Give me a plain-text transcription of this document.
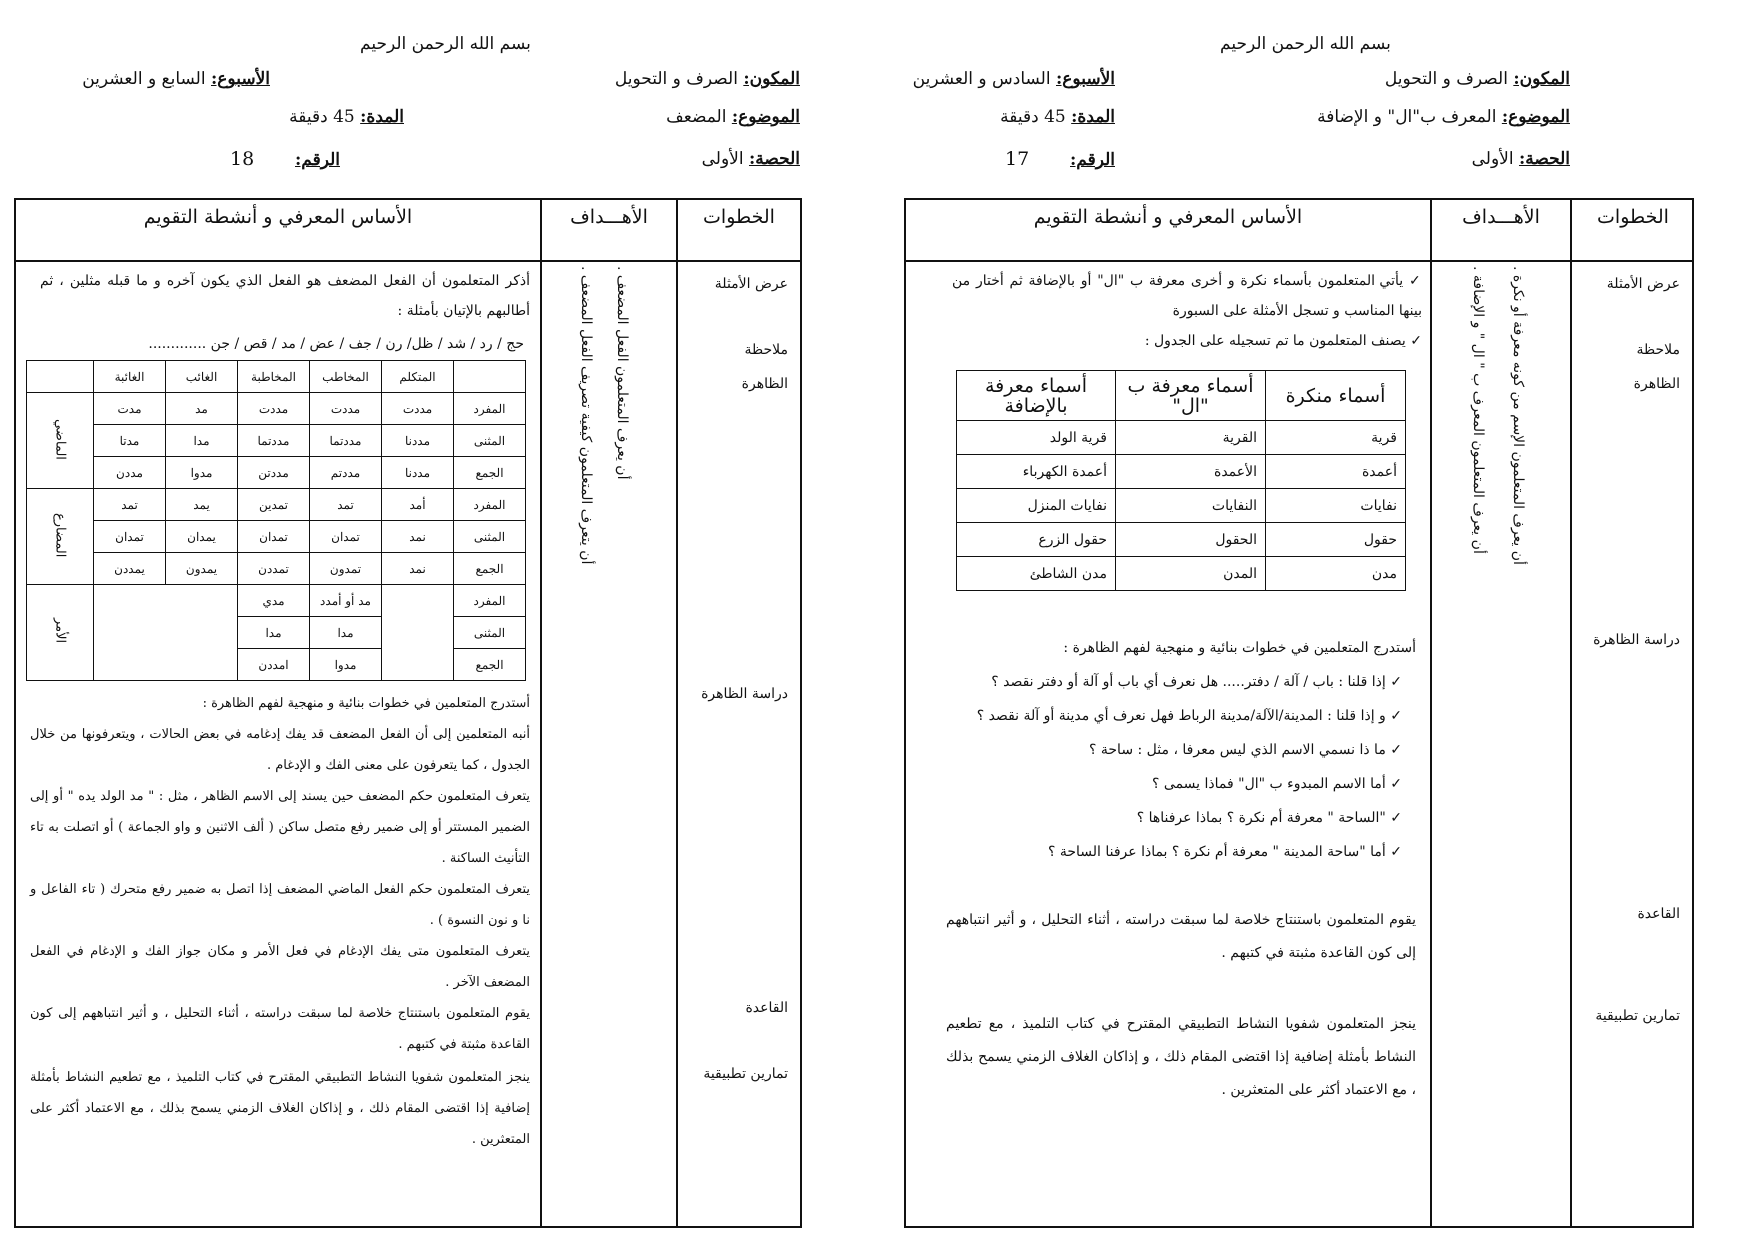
بسم الله الرحمن الرحيم
المكون: الصرف و التحويل
الأسبوع: السادس و العشرين
الموضوع: المعرف ب"ال" و الإضافة
المدة: 45 دقيقة
الحصة: الأولى
الرقم:  17
الخطوات
الأهـــداف
الأساس المعرفي و أنشطة التقويم
عرض الأمثلة
ملاحظة
الظاهرة
دراسة الظاهرة
القاعدة
تمارين تطبيقية
أن يعرف المتعلمون الإسم من كونه معرفة أو نكرة .
أن يعرف المتعلمون المعرف ب " ال " و الإضافة .

✓ يأتي المتعلمون بأسماء نكرة و أخرى معرفة ب "ال" أو بالإضافة ثم أختار من بينها المناسب و تسجل الأمثلة على السبورة

✓ يصنف المتعلمون ما تم تسجيله على الجدول :

أسماء منكرة	أسماء معرفة ب "ال"	أسماء معرفة بالإضافة
قرية	القرية	قرية الولد
أعمدة	الأعمدة	أعمدة الكهرباء
نفايات	النفايات	نفايات المنزل
حقول	الحقول	حقول الزرع
مدن	المدن	مدن الشاطئ
أستدرج المتعلمين في خطوات بنائية و منهجية لفهم الظاهرة :
✓ إذا قلنا : باب / آلة / دفتر..... هل نعرف أي باب أو آلة أو دفتر نقصد ؟
✓ و إذا قلنا : المدينة/الآلة/مدينة الرباط فهل نعرف أي مدينة أو آلة نقصد ؟
✓ ما ذا نسمي الاسم الذي ليس معرفا ، مثل : ساحة ؟
✓ أما الاسم المبدوء ب "ال" فماذا يسمى ؟
✓ "الساحة " معرفة أم نكرة ؟ بماذا عرفناها ؟
✓ أما "ساحة المدينة " معرفة أم نكرة ؟ بماذا عرفنا الساحة ؟
يقوم المتعلمون باستنتاج خلاصة لما سبقت دراسته ، أثناء التحليل ، و أثير انتباههم إلى كون القاعدة مثبتة في كتبهم .
ينجز المتعلمون شفويا النشاط التطبيقي المقترح في كتاب التلميذ ، مع تطعيم النشاط بأمثلة إضافية إذا اقتضى المقام ذلك ، و إذاكان الغلاف الزمني يسمح بذلك ، مع الاعتماد أكثر على المتعثرين .
بسم الله الرحمن الرحيم
المكون: الصرف و التحويل
الأسبوع: السابع و العشرين
الموضوع: المضعف
المدة: 45 دقيقة
الحصة: الأولى
الرقم:  18
الخطوات
الأهـــداف
الأساس المعرفي و أنشطة التقويم
عرض الأمثلة
ملاحظة
الظاهرة
دراسة الظاهرة
القاعدة
تمارين تطبيقية
أن يعرف المتعلمون الفعل المضعف .
أن يتعرف المتعلمون كيفية تصريف الفعل المضعف .
أذكر المتعلمون أن الفعل المضعف هو الفعل الذي يكون آخره و ما قبله مثلين ، ثم أطالبهم بالإتيان بأمثلة :
حج / رد / شد / ظل/ رن / جف / عض / مد / قص / جن .............
	المتكلم	المخاطب	المخاطبة	الغائب	الغائبة	
المفرد	مددت	مددت	مددت	مد	مدت	الماضي
المثنى	مددنا	مددتما	مددتما	مدا	مدتا	
الجمع	مددنا	مددتم	مددتن	مدوا	مددن	
المفرد	أمد	تمد	تمدين	يمد	تمد	المضارع
المثنى	نمد	تمدان	تمدان	يمدان	تمدان	
الجمع	نمد	تمدون	تمددن	يمدون	يمددن	
المفرد		مد أو أمدد	مدي			الأمر
المثنى		مدا	مدا			
الجمع		مدوا	امددن			

أستدرج المتعلمين في خطوات بنائية و منهجية لفهم الظاهرة :

أنبه المتعلمين إلى أن الفعل المضعف قد يفك إدغامه في بعض الحالات ، ويتعرفونها من خلال الجدول ، كما يتعرفون على معنى الفك و الإدغام .

يتعرف المتعلمون حكم المضعف حين يسند إلى الاسم الظاهر ، مثل : " مد الولد يده " أو إلى الضمير المستتر أو إلى ضمير رفع متصل ساكن ( ألف الاثنين و واو الجماعة ) أو اتصلت به تاء التأنيث الساكنة .

يتعرف المتعلمون حكم الفعل الماضي المضعف إذا اتصل به ضمير رفع متحرك ( تاء الفاعل و نا و نون النسوة ) .

يتعرف المتعلمون متى يفك الإدغام في فعل الأمر و مكان جواز الفك و الإدغام في الفعل المضعف الآخر .

يقوم المتعلمون باستنتاج خلاصة لما سبقت دراسته ، أثناء التحليل ، و أثير انتباههم إلى كون القاعدة مثبتة في كتبهم .
ينجز المتعلمون شفويا النشاط التطبيقي المقترح في كتاب التلميذ ، مع تطعيم النشاط بأمثلة إضافية إذا اقتضى المقام ذلك ، و إذاكان الغلاف الزمني يسمح بذلك ، مع الاعتماد أكثر على المتعثرين .
